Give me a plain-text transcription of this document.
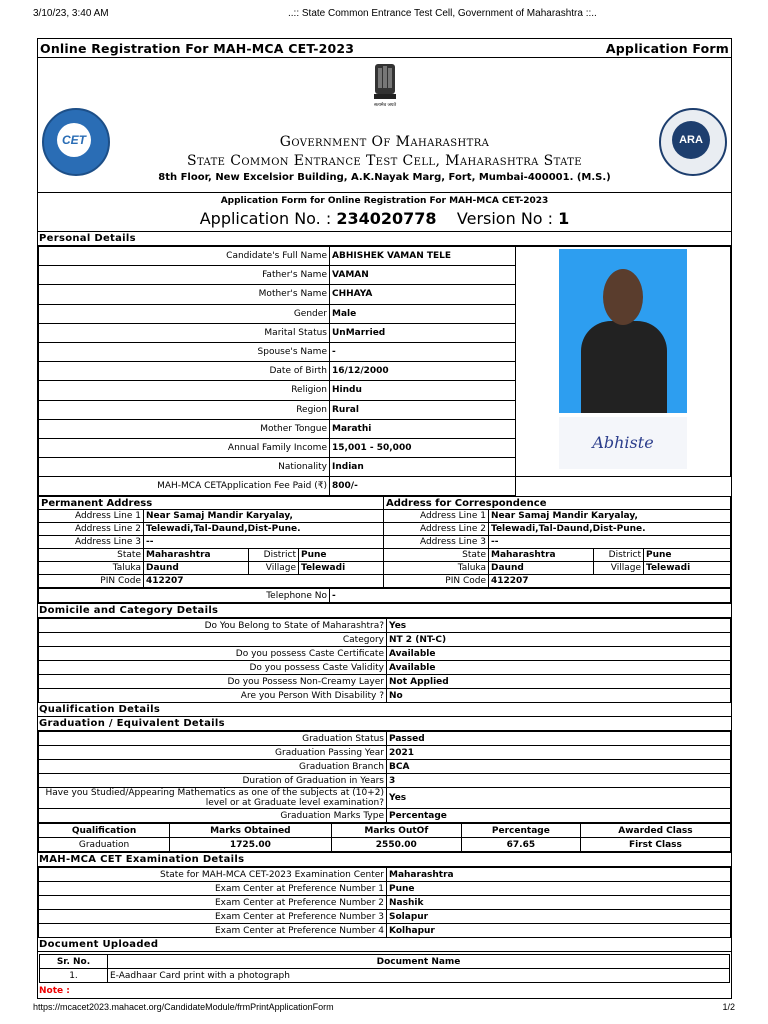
3/10/23, 3:40 AM	..:: State Common Entrance Test Cell, Government of Maharashtra ::..
Online Registration For MAH-MCA CET-2023	Application Form
सत्यमेव जयते
CET	ARA
Government Of Maharashtra
State Common Entrance Test Cell, Maharashtra State
8th Floor, New Excelsior Building, A.K.Nayak Marg, Fort, Mumbai-400001. (M.S.)
Application Form for Online Registration For MAH-MCA CET-2023
Application No. : 234020778 Version No : 1
Personal Details
Candidate's Full Name	ABHISHEK VAMAN TELE	Abhiste

Father's Name	VAMAN	
Mother's Name	CHHAYA	
Gender	Male	
Marital Status	UnMarried	
Spouse's Name	-	
Date of Birth	16/12/2000	
Religion	Hindu	
Region	Rural	
Mother Tongue	Marathi	
Annual Family Income	15,001 - 50,000	
Nationality	Indian	
MAH-MCA CETApplication Fee Paid (₹)	800/-	
Permanent Address				Address for Correspondence			
Address Line 1	Near Samaj Mandir Karyalay,			Address Line 1	Near Samaj Mandir Karyalay,		
Address Line 2	Telewadi,Tal-Daund,Dist-Pune.			Address Line 2	Telewadi,Tal-Daund,Dist-Pune.		
Address Line 3	--			Address Line 3	--		
State	Maharashtra	District	Pune	State	Maharashtra	District	Pune
Taluka	Daund	Village	Telewadi	Taluka	Daund	Village	Telewadi
PIN Code	412207			PIN Code	412207		
Telephone No	-
Domicile and Category Details
Do You Belong to State of Maharashtra?	Yes
Category	NT 2 (NT-C)
Do you possess Caste Certificate	Available
Do you possess Caste Validity	Available
Do you Possess Non-Creamy Layer	Not Applied
Are you Person With Disability ?	No
Qualification Details
Graduation / Equivalent Details
Graduation Status	Passed
Graduation Passing Year	2021
Graduation Branch	BCA
Duration of Graduation in Years	3
Have you Studied/Appearing Mathematics as one of the subjects at (10+2) level or at Graduate level examination?	Yes
Graduation Marks Type	Percentage
Qualification	Marks Obtained	Marks OutOf	Percentage	Awarded Class
Graduation	1725.00	2550.00	67.65	First Class
MAH-MCA CET Examination Details
State for MAH-MCA CET-2023 Examination Center	Maharashtra
Exam Center at Preference Number 1	Pune
Exam Center at Preference Number 2	Nashik
Exam Center at Preference Number 3	Solapur
Exam Center at Preference Number 4	Kolhapur
Document Uploaded
Sr. No.	Document Name
1.	E-Aadhaar Card print with a photograph
Note :
https://mcacet2023.mahacet.org/CandidateModule/frmPrintApplicationForm	1/2
